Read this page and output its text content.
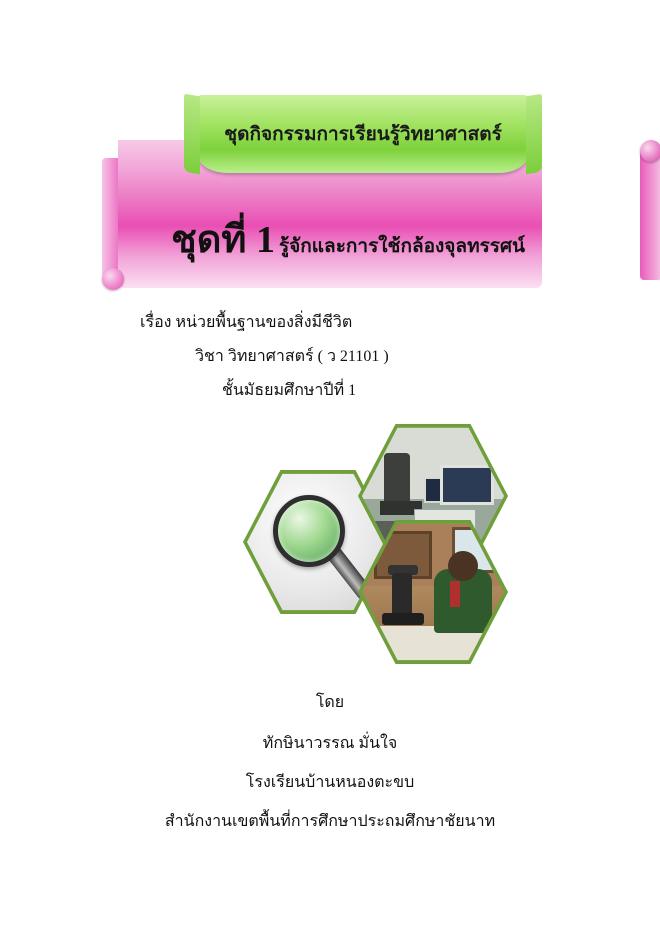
ชุดกิจกรรมการเรียนรู้วิทยาศาสตร์
ชุดที่ 1 รู้จักและการใช้กล้องจุลทรรศน์
เรื่อง หน่วยพื้นฐานของสิ่งมีชีวิต
วิชา วิทยาศาสตร์ ( ว 21101 )
ชั้นมัธยมศึกษาปีที่ 1
โดย
ทักษินาวรรณ มั่นใจ
โรงเรียนบ้านหนองตะขบ
สำนักงานเขตพื้นที่การศึกษาประถมศึกษาชัยนาท
